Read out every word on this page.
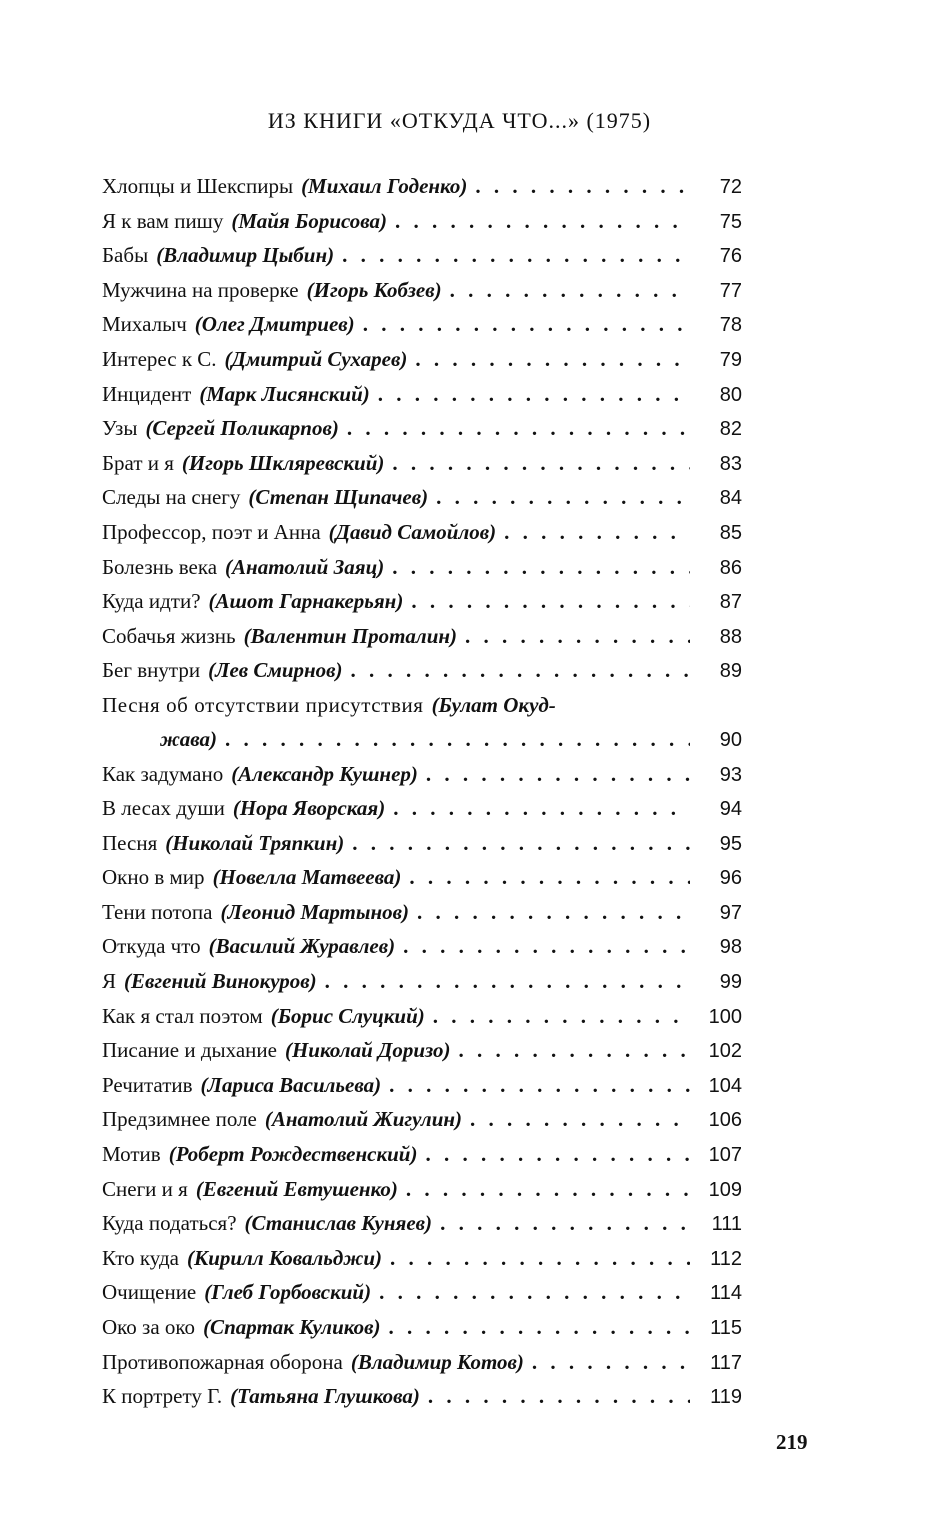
ИЗ КНИГИ «ОТКУДА ЧТО...» (1975)
Хлопцы и Шекспиры (Михаил Годенко) . . .	72
Я к вам пишу (Майя Борисова) . . .	75
Бабы (Владимир Цыбин) . . .	76
Мужчина на проверке (Игорь Кобзев) . . .	77
Михалыч (Олег Дмитриев) . . .	78
Интерес к С. (Дмитрий Сухарев) . . .	79
Инцидент (Марк Лисянский) . . .	80
Узы (Сергей Поликарпов) . . .	82
Брат и я (Игорь Шкляревский) . . .	83
Следы на снегу (Степан Щипачев) . . .	84
Профессор, поэт и Анна (Давид Самойлов) . . .	85
Болезнь века (Анатолий Заяц) . . .	86
Куда идти? (Ашот Гарнакерьян) . . .	87
Собачья жизнь (Валентин Проталин) . . .	88
Бег внутри (Лев Смирнов) . . .	89
Песня об отсутствии присутствия (Булат Окуд-
жава) . . .	90
Как задумано (Александр Кушнер) . . .	93
В лесах души (Нора Яворская) . . .	94
Песня (Николай Тряпкин) . . .	95
Окно в мир (Новелла Матвеева) . . .	96
Тени потопа (Леонид Мартынов) . . .	97
Откуда что (Василий Журавлев) . . .	98
Я (Евгений Винокуров) . . .	99
Как я стал поэтом (Борис Слуцкий) . . .	100
Писание и дыхание (Николай Доризо) . . .	102
Речитатив (Лариса Васильева) . . .	104
Предзимнее поле (Анатолий Жигулин) . . .	106
Мотив (Роберт Рождественский) . . .	107
Снеги и я (Евгений Евтушенко) . . .	109
Куда податься? (Станислав Куняев) . . .	111
Кто куда (Кирилл Ковальджи) . . .	112
Очищение (Глеб Горбовский) . . .	114
Око за око (Спартак Куликов) . . .	115
Противопожарная оборона (Владимир Котов) . . .	117
К портрету Г. (Татьяна Глушкова) . . .	119
219
